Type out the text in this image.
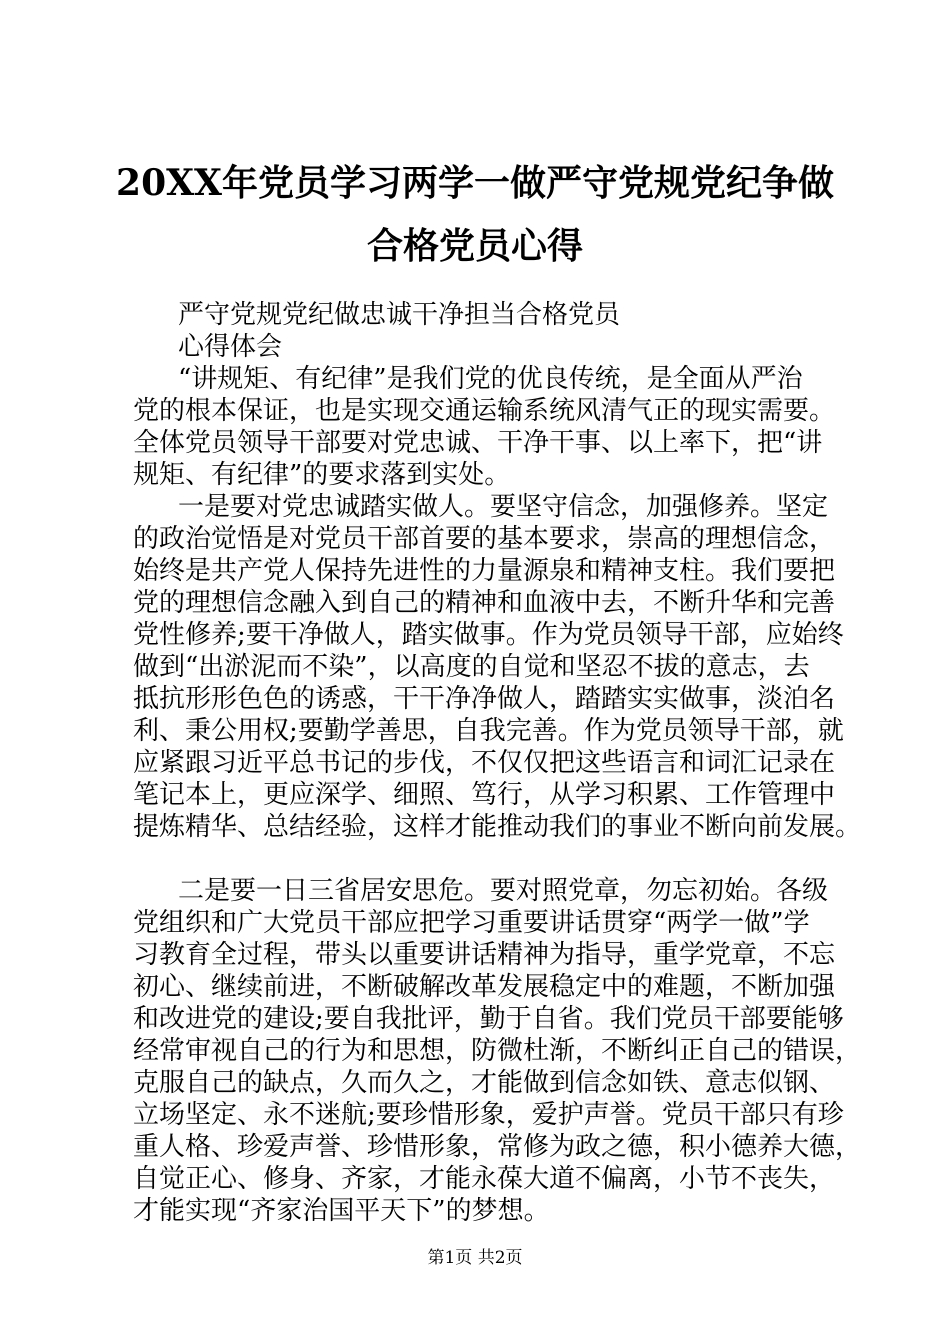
20XX年党员学习两学一做严守党规党纪争做
合格党员心得
严守党规党纪做忠诚干净担当合格党员
心得体会
“讲规矩、有纪律”是我们党的优良传统，是全面从严治
党的根本保证，也是实现交通运输系统风清气正的现实需要。
全体党员领导干部要对党忠诚、干净干事、以上率下，把“讲
规矩、有纪律”的要求落到实处。
一是要对党忠诚踏实做人。要坚守信念，加强修养。坚定
的政治觉悟是对党员干部首要的基本要求，崇高的理想信念，
始终是共产党人保持先进性的力量源泉和精神支柱。我们要把
党的理想信念融入到自己的精神和血液中去，不断升华和完善
党性修养;要干净做人，踏实做事。作为党员领导干部，应始终
做到“出淤泥而不染”，以高度的自觉和坚忍不拔的意志，去
抵抗形形色色的诱惑，干干净净做人，踏踏实实做事，淡泊名
利、秉公用权;要勤学善思，自我完善。作为党员领导干部，就
应紧跟习近平总书记的步伐，不仅仅把这些语言和词汇记录在
笔记本上，更应深学、细照、笃行，从学习积累、工作管理中
提炼精华、总结经验，这样才能推动我们的事业不断向前发展。
二是要一日三省居安思危。要对照党章，勿忘初始。各级
党组织和广大党员干部应把学习重要讲话贯穿“两学一做”学
习教育全过程，带头以重要讲话精神为指导，重学党章，不忘
初心、继续前进，不断破解改革发展稳定中的难题，不断加强
和改进党的建设;要自我批评，勤于自省。我们党员干部要能够
经常审视自己的行为和思想，防微杜渐，不断纠正自己的错误，
克服自己的缺点，久而久之，才能做到信念如铁、意志似钢、
立场坚定、永不迷航;要珍惜形象，爱护声誉。党员干部只有珍
重人格、珍爱声誉、珍惜形象，常修为政之德，积小德养大德，
自觉正心、修身、齐家，才能永葆大道不偏离，小节不丧失，
才能实现“齐家治国平天下”的梦想。
第1页 共2页
